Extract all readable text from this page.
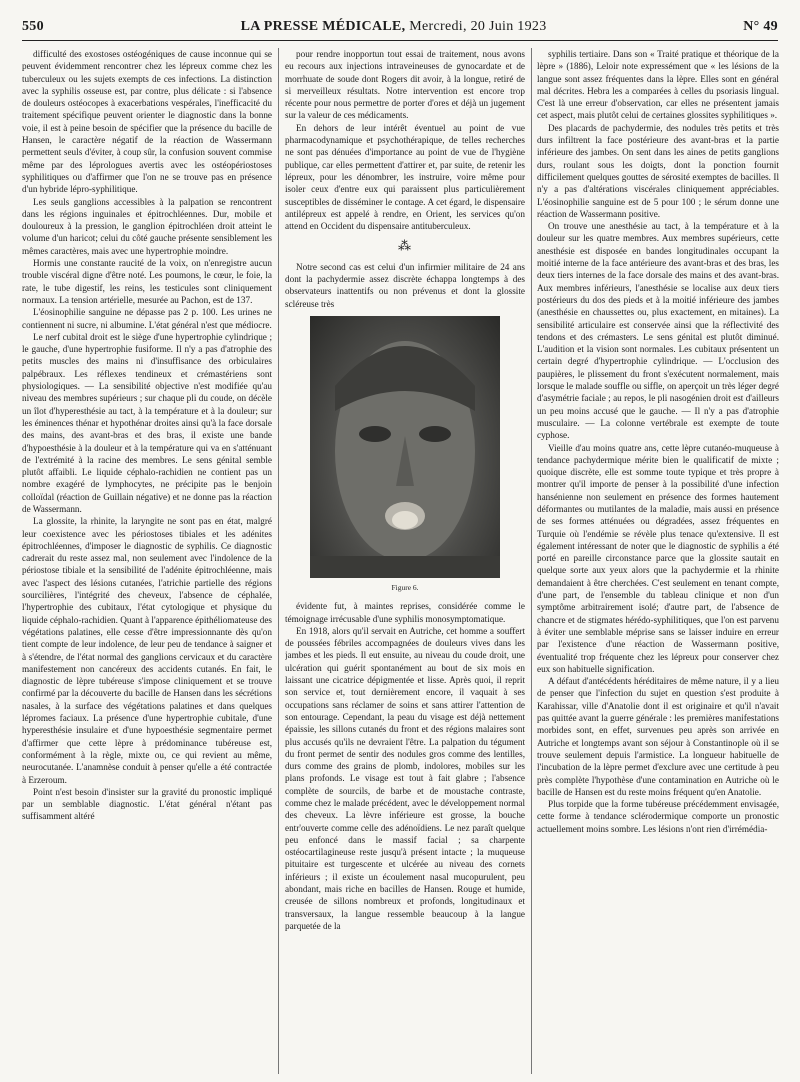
550	LA PRESSE MÉDICALE, Mercredi, 20 Juin 1923	N° 49

difficulté des exostoses ostéogéniques de cause inconnue qui se peuvent évidemment rencontrer chez les lépreux comme chez les tuberculeux ou les sujets exempts de ces infections. La distinction avec la syphilis osseuse est, par contre, plus délicate : si l'absence de douleurs ostéocopes à exacerbations vespérales, l'inefficacité du traitement spécifique peuvent orienter le diagnostic dans la bonne voie, il est à peine besoin de spécifier que la présence du bacille de Hansen, le caractère négatif de la réaction de Wassermann permettent seuls d'éviter, à coup sûr, la confusion souvent commise même par des léprologues avertis avec les ostéopériostoses syphilitiques ou d'affirmer que l'on ne se trouve pas en présence d'un hybride lépro-syphilitique.

Les seuls ganglions accessibles à la palpation se rencontrent dans les régions inguinales et épitrochléennes. Dur, mobile et douloureux à la pression, le ganglion épitrochléen droit atteint le volume d'un haricot; celui du côté gauche présente sensiblement les mêmes caractères, mais avec une hypertrophie moindre.

Hormis une constante raucité de la voix, on n'enregistre aucun trouble viscéral digne d'être noté. Les poumons, le cœur, le foie, la rate, le tube digestif, les reins, les testicules sont cliniquement normaux. La tension artérielle, mesurée au Pachon, est de 137.

L'éosinophilie sanguine ne dépasse pas 2 p. 100. Les urines ne contiennent ni sucre, ni albumine. L'état général n'est que médiocre.

Le nerf cubital droit est le siège d'une hypertrophie cylindrique ; le gauche, d'une hypertrophie fusiforme. Il n'y a pas d'atrophie des petits muscles des mains ni d'insuffisance des orbiculaires palpébraux. Les réflexes tendineux et crémastériens sont physiologiques. — La sensibilité objective n'est modifiée qu'au niveau des membres supérieurs ; sur chaque pli du coude, on décèle un îlot d'hyperesthésie au tact, à la température et à la douleur; sur les éminences thénar et hypothénar droites ainsi qu'à la face dorsale des mains, des avant-bras et des bras, il existe une bande d'hypoesthésie à la douleur et à la température qui va en s'atténuant de l'extrémité à la racine des membres. Le sens génital semble plutôt affaibli. Le liquide céphalo-rachidien ne contient pas un nombre exagéré de lymphocytes, ne précipite pas le benjoin colloïdal (réaction de Guillain négative) et ne donne pas la réaction de Wassermann.

La glossite, la rhinite, la laryngite ne sont pas en état, malgré leur coexistence avec les périostoses tibiales et les adénites épitrochléennes, d'imposer le diagnostic de syphilis. Ce diagnostic cadrerait du reste assez mal, non seulement avec l'indolence de la périostose tibiale et la sensibilité de l'adénite épitrochléenne, mais avec l'aspect des lésions cutanées, l'atrichie partielle des régions sourcilières, l'intégrité des cheveux, l'absence de céphalée, l'hypertrophie des cubitaux, l'état cytologique et physique du liquide céphalo-rachidien. Quant à l'apparence épithéliomateuse des végétations palatines, elle cesse d'être impressionnante dès qu'on tient compte de leur indolence, de leur peu de tendance à saigner et à s'étendre, de l'état normal des ganglions cervicaux et du caractère manifestement non cancéreux des accidents cutanés. En fait, le diagnostic de lèpre tubéreuse s'impose cliniquement et se trouve confirmé par la découverte du bacille de Hansen dans les sécrétions nasales, à la surface des végétations palatines et dans quelques lépromes faciaux. La présence d'une hypertrophie cubitale, d'une hyperesthésie insulaire et d'une hypoesthésie segmentaire permet d'affirmer que cette lèpre à prédominance tubéreuse est, conformément à la règle, mixte ou, ce qui revient au même, neurocutanée. L'anamnèse conduit à penser qu'elle a été contractée à Erzeroum.

Point n'est besoin d'insister sur la gravité du pronostic impliqué par un semblable diagnostic. L'état général n'étant pas suffisamment altéré

pour rendre inopportun tout essai de traitement, nous avons eu recours aux injections intraveineuses de gynocardate et de morrhuate de soude dont Rogers dit avoir, à la longue, retiré de si merveilleux résultats. Notre intervention est encore trop récente pour nous permettre de porter d'ores et déjà un jugement sur la valeur de ces médicaments.

En dehors de leur intérêt éventuel au point de vue pharmacodynamique et psychothérapique, de telles recherches ne sont pas dénuées d'importance au point de vue de l'hygiène publique, car elles permettent d'attirer et, par suite, de retenir les lépreux, pour les dénombrer, les instruire, voire même pour isoler ceux d'entre eux qui paraissent plus particulièrement susceptibles de disséminer le contage. A cet égard, le dispensaire antilépreux est appelé à rendre, en Orient, les services qu'on attend en Occident du dispensaire antituberculeux.

⁂

Notre second cas est celui d'un infirmier militaire de 24 ans dont la pachydermie assez discrète échappa longtemps à des observateurs inattentifs ou non prévenus et dont la glossite scléreuse très

Figure 6.

évidente fut, à maintes reprises, considérée comme le témoignage irrécusable d'une syphilis monosymptomatique.

En 1918, alors qu'il servait en Autriche, cet homme a souffert de poussées fébriles accompagnées de douleurs vives dans les jambes et les pieds. Il eut ensuite, au niveau du coude droit, une ulcération qui guérit spontanément au bout de six mois en laissant une cicatrice dépigmentée et lisse. Après quoi, il reprit son service et, tout dernièrement encore, il vaquait à ses occupations sans réclamer de soins et sans attirer l'attention de son entourage. Cependant, la peau du visage est déjà nettement épaissie, les sillons cutanés du front et des régions malaires sont plus accusés qu'ils ne devraient l'être. La palpation du tégument du front permet de sentir des nodules gros comme des lentilles, durs comme des grains de plomb, indolores, mobiles sur les plans profonds. Le visage est tout à fait glabre ; l'absence complète de sourcils, de barbe et de moustache contraste, comme chez le malade précédent, avec le développement normal des cheveux. La lèvre inférieure est grosse, la bouche entr'ouverte comme celle des adénoïdiens. Le nez paraît quelque peu enfoncé dans le massif facial ; sa charpente ostéocartilagineuse reste jusqu'à présent intacte ; la muqueuse pituitaire est turgescente et ulcérée au niveau des cornets inférieurs ; il existe un écoulement nasal mucopurulent, peu abondant, mais riche en bacilles de Hansen. Rouge et humide, creusée de sillons nombreux et profonds, longitudinaux et transversaux, la langue ressemble beaucoup à la langue parquetée de la

syphilis tertiaire. Dans son « Traité pratique et théorique de la lèpre » (1886), Leloir note expressément que « les lésions de la langue sont assez fréquentes dans la lèpre. Elles sont en général mal décrites. Hebra les a comparées à celles du psoriasis lingual. C'est là une erreur d'observation, car elles ne présentent jamais cet aspect, mais plutôt celui de certaines glossites syphilitiques ».

Des placards de pachydermie, des nodules très petits et très durs infiltrent la face postérieure des avant-bras et la partie inférieure des jambes. On sent dans les aines de petits ganglions durs, roulant sous les doigts, dont la ponction fournit difficilement quelques gouttes de sérosité exemptes de bacilles. Il n'y a pas d'altérations viscérales cliniquement appréciables. L'éosinophilie sanguine est de 5 pour 100 ; le sérum donne une réaction de Wassermann positive.

On trouve une anesthésie au tact, à la température et à la douleur sur les quatre membres. Aux membres supérieurs, cette anesthésie est disposée en bandes longitudinales occupant la moitié interne de la face antérieure des avant-bras et des bras, les deux tiers internes de la face dorsale des mains et des avant-bras. Aux membres inférieurs, l'anesthésie se localise aux deux tiers postérieurs du dos des pieds et à la moitié inférieure des jambes (anesthésie en chaussettes ou, plus exactement, en mitaines). La sensibilité articulaire est conservée ainsi que la réflectivité des tendons et des crémasters. Le sens génital est plutôt diminué. L'audition et la vision sont normales. Les cubitaux présentent un certain degré d'hypertrophie cylindrique. — L'occlusion des paupières, le plissement du front s'exécutent normalement, mais lorsque le malade souffle ou siffle, on aperçoit un très léger degré d'asymétrie faciale ; au repos, le pli nasogénien droit est d'ailleurs un peu moins accusé que le gauche. — Il n'y a pas d'atrophie musculaire. — La colonne vertébrale est exempte de toute cyphose.

Vieille d'au moins quatre ans, cette lèpre cutanéo-muqueuse à tendance pachydermique mérite bien le qualificatif de mixte ; quoique discrète, elle est somme toute typique et très propre à montrer qu'il importe de penser à la possibilité d'une infection hansénienne non seulement en présence des formes hautement déformantes ou mutilantes de la maladie, mais aussi en présence de ses formes atténuées ou dégradées, assez fréquentes en Turquie où l'endémie se révèle plus tenace qu'extensive. Il est également intéressant de noter que le diagnostic de syphilis a été porté en pareille circonstance parce que la glossite sautait en quelque sorte aux yeux alors que la pachydermie et la rhinite demandaient à être cherchées. C'est seulement en tenant compte, d'une part, de l'ensemble du tableau clinique et non d'un symptôme arbitrairement isolé; d'autre part, de l'absence de chancre et de stigmates hérédo-syphilitiques, que l'on est parvenu à éviter une semblable méprise sans se laisser induire en erreur par l'existence d'une réaction de Wassermann positive, éventualité trop fréquente chez les lépreux pour conserver chez eux son habituelle signification.

A défaut d'antécédents héréditaires de même nature, il y a lieu de penser que l'infection du sujet en question s'est produite à Karahissar, ville d'Anatolie dont il est originaire et qu'il n'avait pas quittée avant la guerre générale : les premières manifestations morbides sont, en effet, survenues peu après son arrivée en Autriche et longtemps avant son séjour à Constantinople où il se trouve seulement depuis l'armistice. La longueur habituelle de l'incubation de la lèpre permet d'exclure avec une certitude à peu près complète l'hypothèse d'une contamination en Autriche où le bacille de Hansen est du reste moins fréquent qu'en Anatolie.

Plus torpide que la forme tubéreuse précédemment envisagée, cette forme à tendance sclérodermique comporte un pronostic actuellement moins sombre. Les lésions n'ont rien d'irrémédia-
